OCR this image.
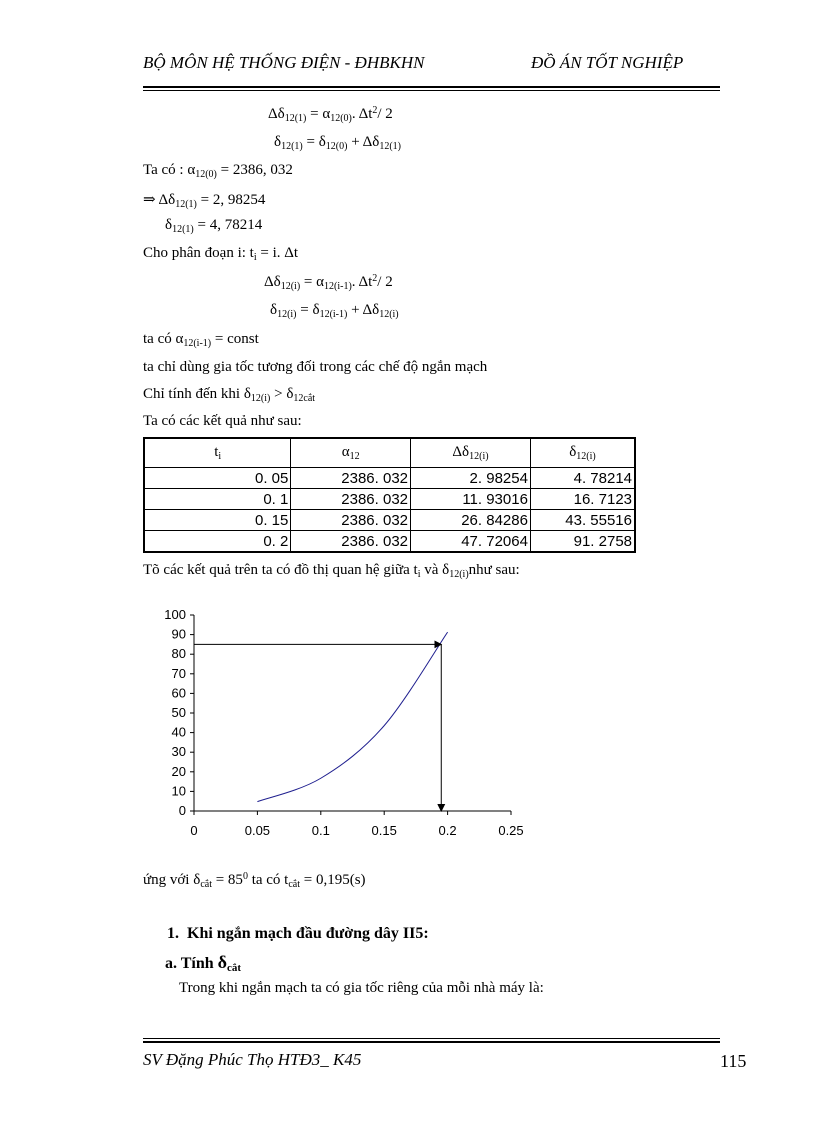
BỘ MÔN HỆ THỐNG ĐIỆN - ĐHBKHN	ĐỒ ÁN TỐT NGHIỆP
$\Delta\delta_{12(1)} = \alpha_{12(0)}$. $\Delta t^2/$ 2
$\delta_{12(1)} = \delta_{12(0)} + \Delta\delta_{12(1)}$
Ta có : $\alpha_{12(0)} = 2386$, 032
⇒ $\Delta\delta_{12(1)} = 2$, 98254
$\delta_{12(1)} = 4$, 78214
Cho phân đoạn i: $t_i = i$. Δt
$\Delta\delta_{12(i)} = \alpha_{12(i-1)}$. $\Delta t^2/$ 2
$\delta_{12(i)} = \delta_{12(i-1)} + \Delta\delta_{12(i)}$
ta có $\alpha_{12(i-1)}$ = const
ta chỉ dùng gia tốc tương đối trong các chế độ ngắn mạch
Chỉ tính đến khi $\delta_{12(i)} > \delta_{12cắt}$
Ta có các kết quả như sau:
$t_i$	$\alpha_{12}$	$\Delta\delta_{12(i)}$	$\delta_{12(i)}$
0. 05	2386. 032	2. 98254	4. 78214
0. 1	2386. 032	11. 93016	16. 7123
0. 15	2386. 032	26. 84286	43. 55516
0. 2	2386. 032	47. 72064	91. 2758
Tõ các kết quả trên ta có đồ thị quan hệ giữa $t_i$ và $\delta_{12(i)}như$ sau:
0
10
20
30
40
50
60
70
80
90
100
0	0.05	0.1	0.15	0.2	0.25
ứng với $\delta_{cắt} = 85^0$ ta có $t_{cắt} = 0,195(s)$
1. Khi ngắn mạch đầu đường dây II5:
a. Tính $\delta_{cắt}$
Trong khi ngắn mạch ta có gia tốc riêng của mỗi nhà máy là:
SV Đặng Phúc Thọ HTĐ3_ K45	115
